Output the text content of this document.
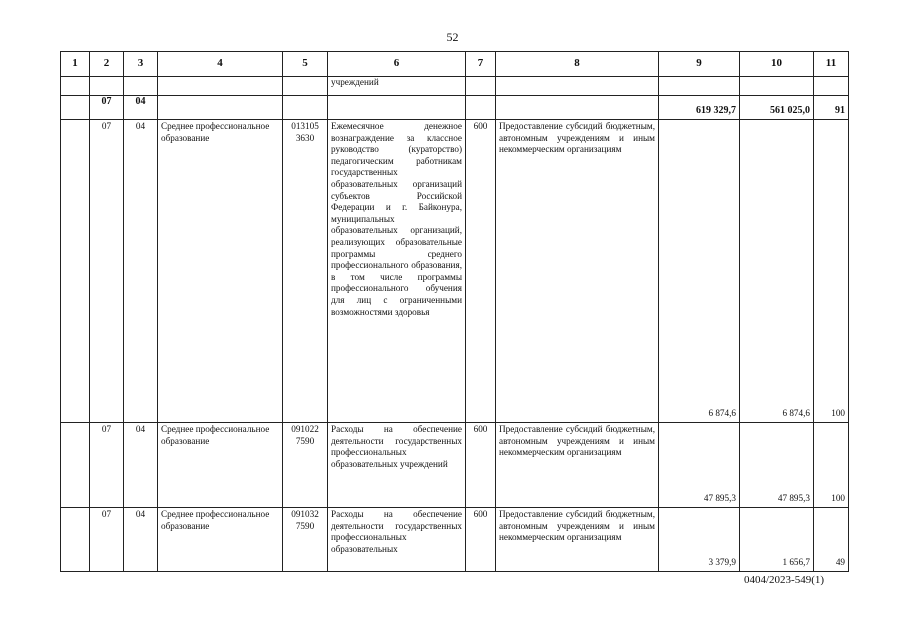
52
1	2	3	4	5	6	7	8	9	10	11
					учреждений					
	07	04						619 329,7	561 025,0	91
	07	04	Среднее профессиональное образование	013105 3630	Ежемесячное денежное вознаграждение за классное руководство (кураторство) педагогическим работникам государственных образовательных организаций субъектов Российской Федерации и г. Байконура, муниципальных образовательных организаций, реализующих образовательные программы среднего профессионального образования, в том числе программы профессионального обучения для лиц с ограниченными возможностями здоровья	600	Предоставление субсидий бюджетным, автономным учреждениям и иным некоммерческим организациям	6 874,6	6 874,6	100
	07	04	Среднее профессиональное образование	091022 7590	Расходы на обеспечение деятельности государственных профессиональных образовательных учреждений	600	Предоставление субсидий бюджетным, автономным учреждениям и иным некоммерческим организациям	47 895,3	47 895,3	100
	07	04	Среднее профессиональное образование	091032 7590	Расходы на обеспечение деятельности государственных профессиональных образовательных	600	Предоставление субсидий бюджетным, автономным учреждениям и иным некоммерческим организациям	3 379,9	1 656,7	49
0404/2023-549(1)
